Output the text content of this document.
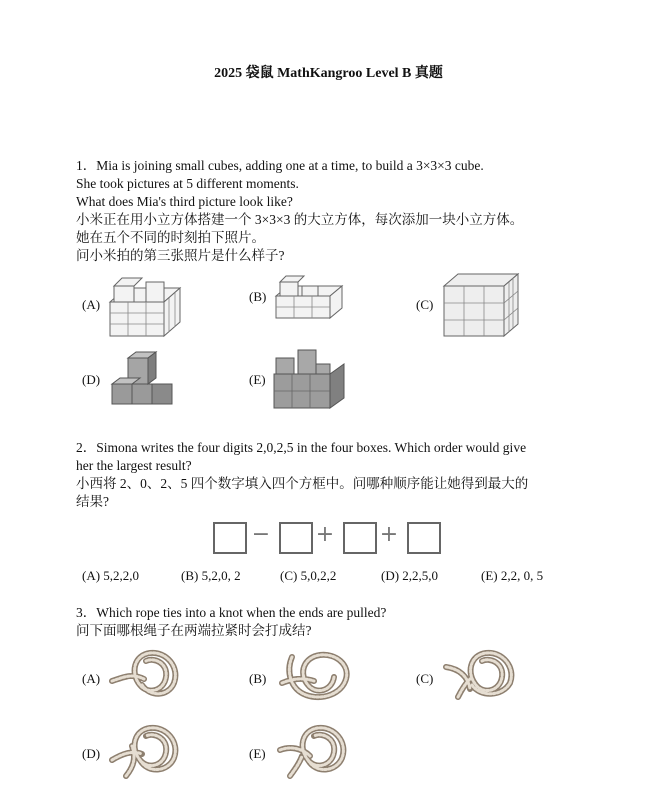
2025 袋鼠 MathKangroo Level B 真题
1．Mia is joining small cubes, adding one at a time, to build a 3×3×3 cube.
She took pictures at 5 different moments.
What does Mia's third picture look like?
小米正在用小立方体搭建一个 3×3×3 的大立方体，每次添加一块小立方体。
她在五个不同的时刻拍下照片。
问小米拍的第三张照片是什么样子?
(A)
(B)
(C)
(D)	(E)
2．Simona writes the four digits 2,0,2,5 in the four boxes. Which order would give
her the largest result?
小西将 2、0、2、5 四个数字填入四个方框中。问哪种顺序能让她得到最大的
结果?
− + +
(A) 5,2,2,0	(B) 5,2,0, 2	(C) 5,0,2,2	(D) 2,2,5,0	(E) 2,2, 0, 5
3．Which rope ties into a knot when the ends are pulled?
问下面哪根绳子在两端拉紧时会打成结?
(A)	(B)	(C)
(D)	(E)
